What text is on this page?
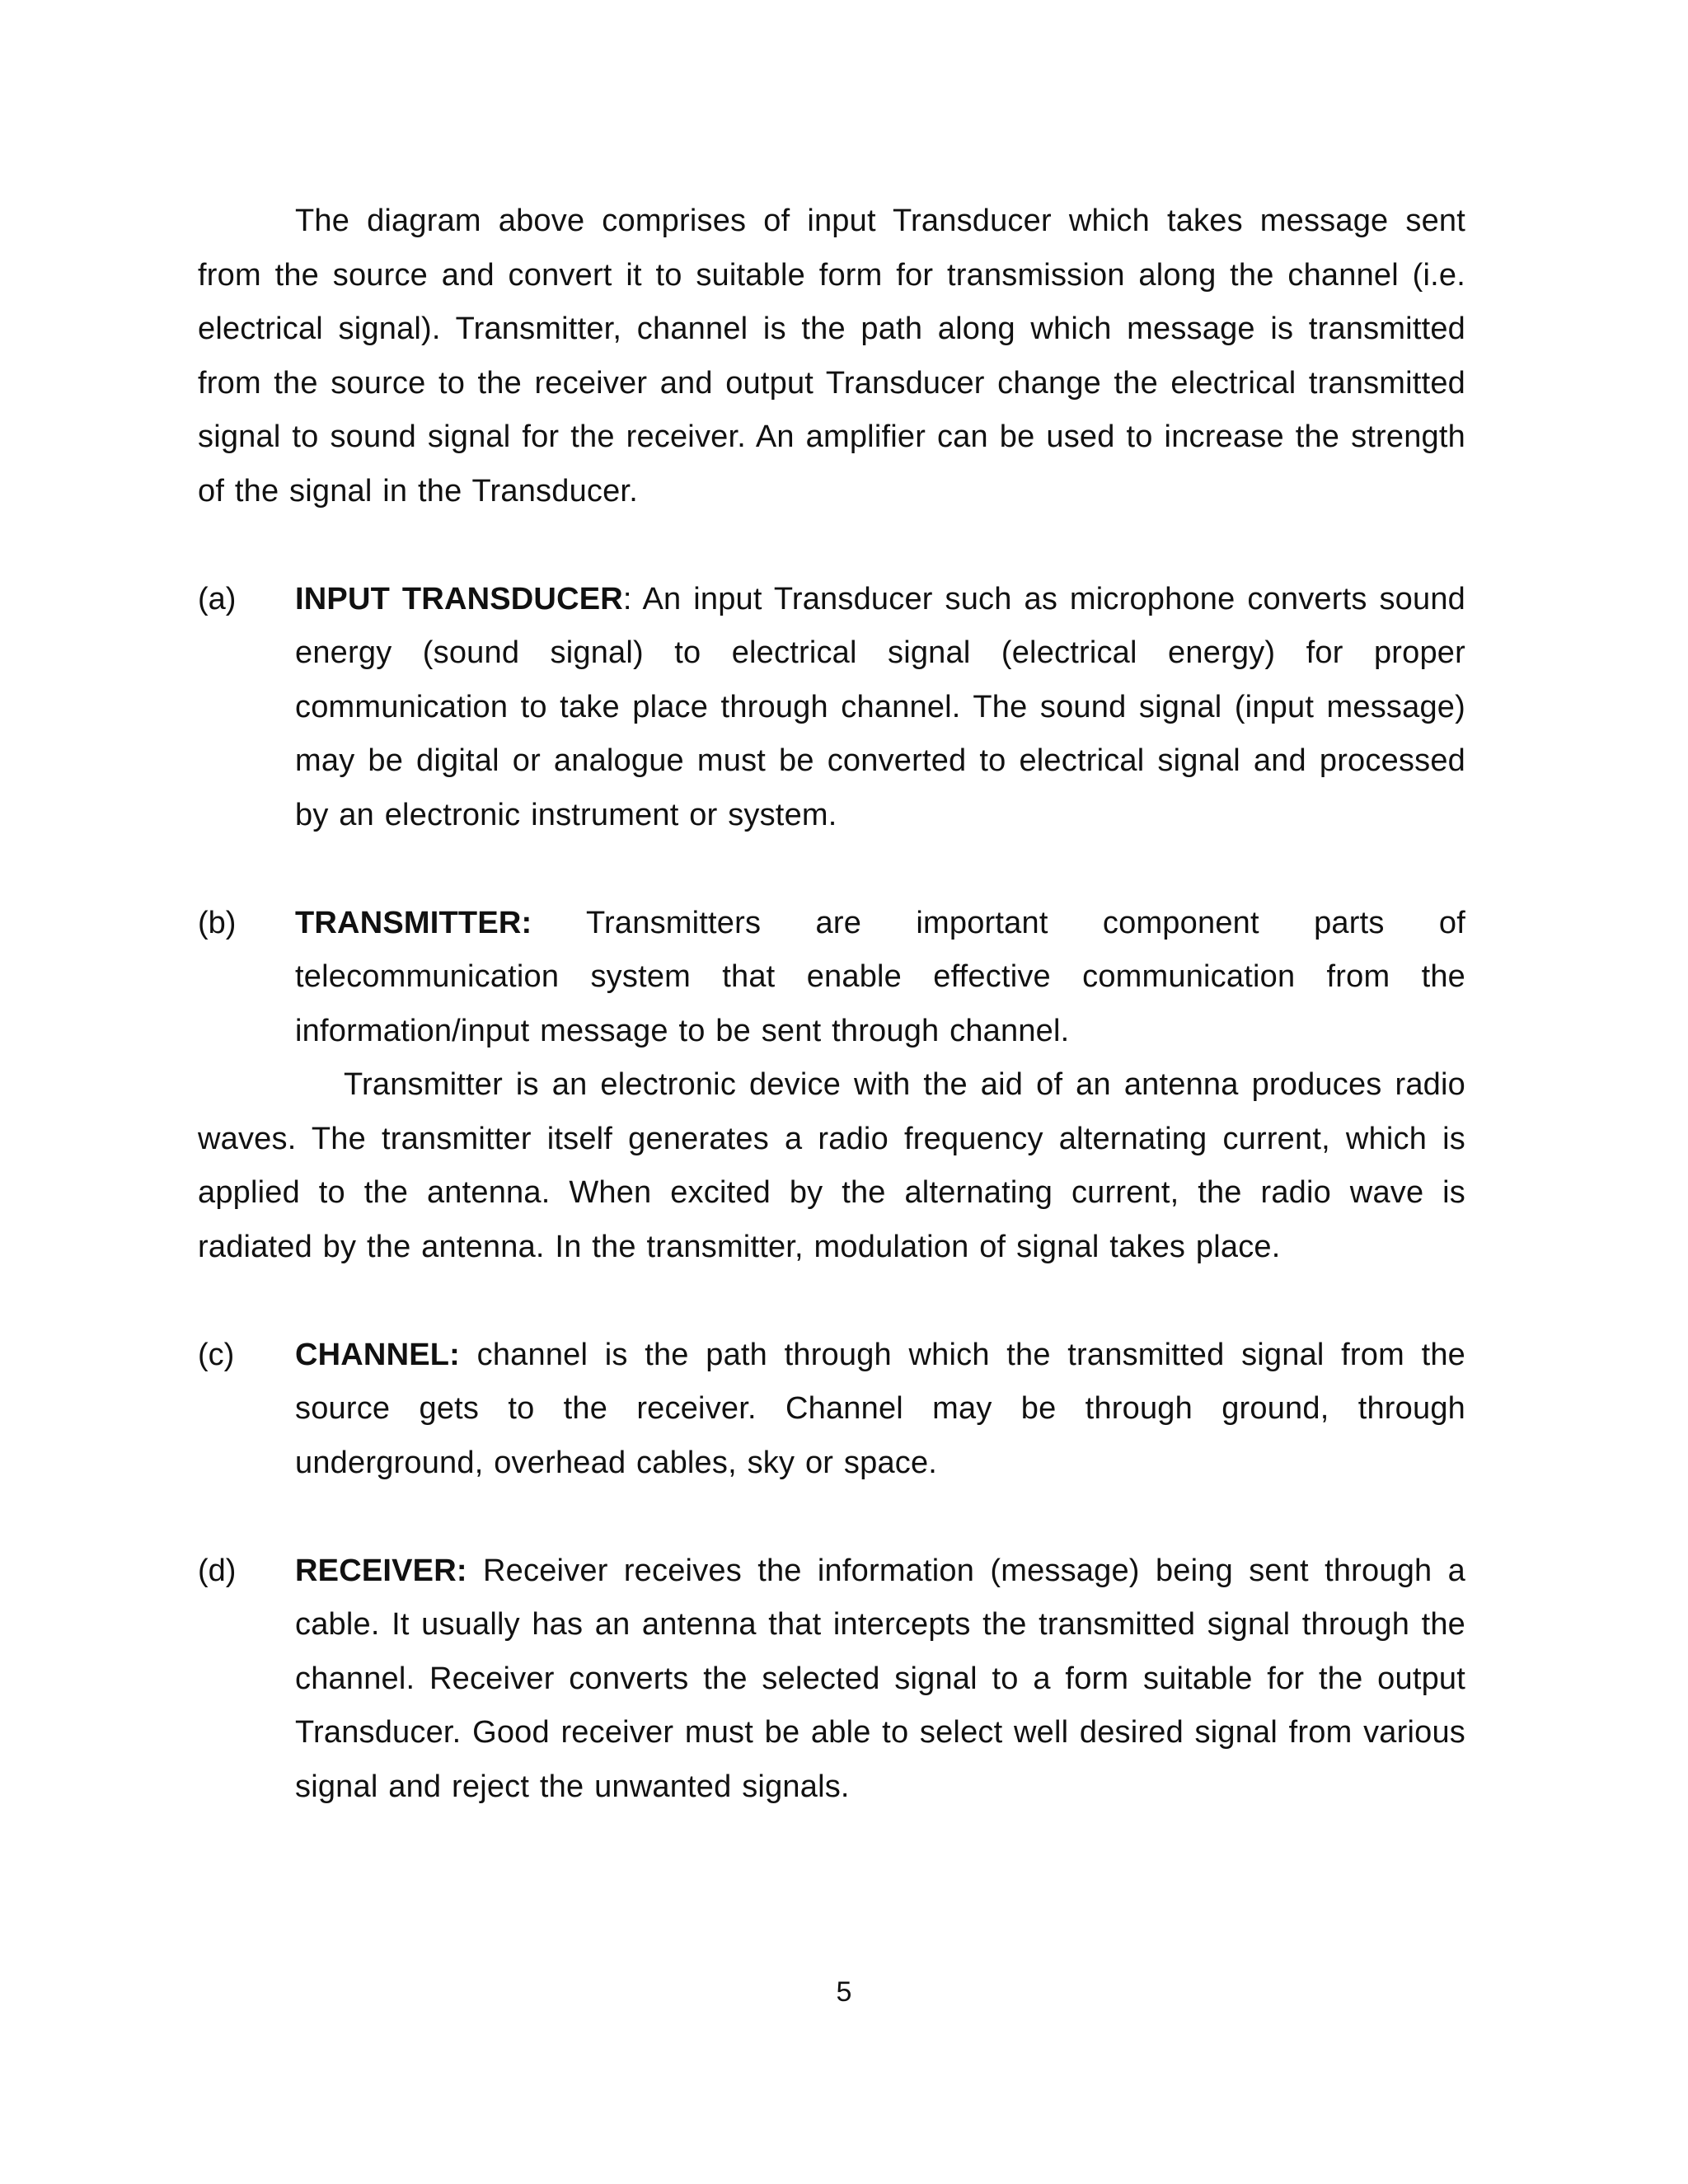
The diagram above comprises of input Transducer which takes message sent from the source and convert it to suitable form for transmission along the channel (i.e. electrical signal). Transmitter, channel is the path along which message is transmitted from the source to the receiver and output Transducer change the electrical transmitted signal to sound signal for the receiver. An amplifier can be used to increase the strength of the signal in the Transducer.

(a)	INPUT TRANSDUCER: An input Transducer such as microphone converts sound energy (sound signal) to electrical signal (electrical energy) for proper communication to take place through channel. The sound signal (input message) may be digital or analogue must be converted to electrical signal and processed by an electronic instrument or system.

(b)	TRANSMITTER: Transmitters are important component parts of telecommunication system that enable effective communication from the information/input message to be sent through channel.

Transmitter is an electronic device with the aid of an antenna produces radio waves. The transmitter itself generates a radio frequency alternating current, which is applied to the antenna. When excited by the alternating current, the radio wave is radiated by the antenna. In the transmitter, modulation of signal takes place.

(c)	CHANNEL: channel is the path through which the transmitted signal from the source gets to the receiver. Channel may be through ground, through underground, overhead cables, sky or space.

(d)	RECEIVER: Receiver receives the information (message) being sent through a cable. It usually has an antenna that intercepts the transmitted signal through the channel. Receiver converts the selected signal to a form suitable for the output Transducer. Good receiver must be able to select well desired signal from various signal and reject the unwanted signals.

5
